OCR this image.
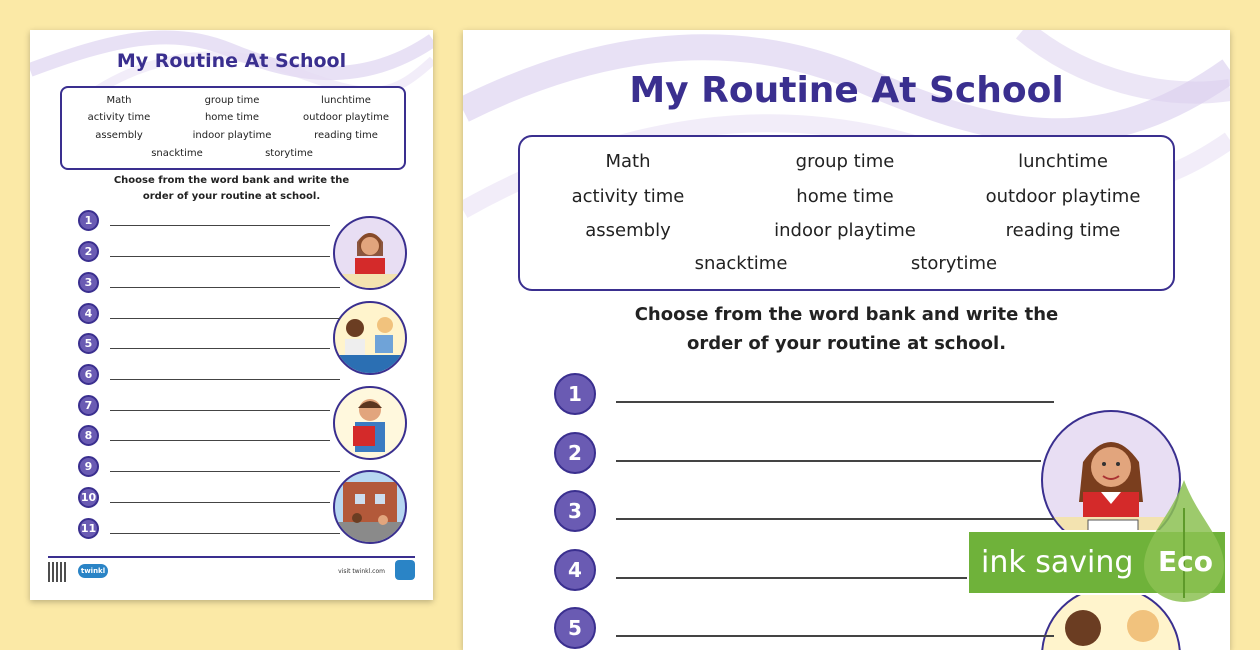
My Routine At School
Math	group time	lunchtime
activity time	home time	outdoor playtime
assembly	indoor playtime	reading time
snacktime	storytime
Choose from the word bank and write the
order of your routine at school.
twinkl	visit twinkl.com
1
2
3
4
5
6
7
8
9
10
11
My Routine At School
Math	group time	lunchtime
activity time	home time	outdoor playtime
assembly	indoor playtime	reading time
snacktime	storytime
Choose from the word bank and write the
order of your routine at school.
1
2
3
4
5
ink saving Eco
